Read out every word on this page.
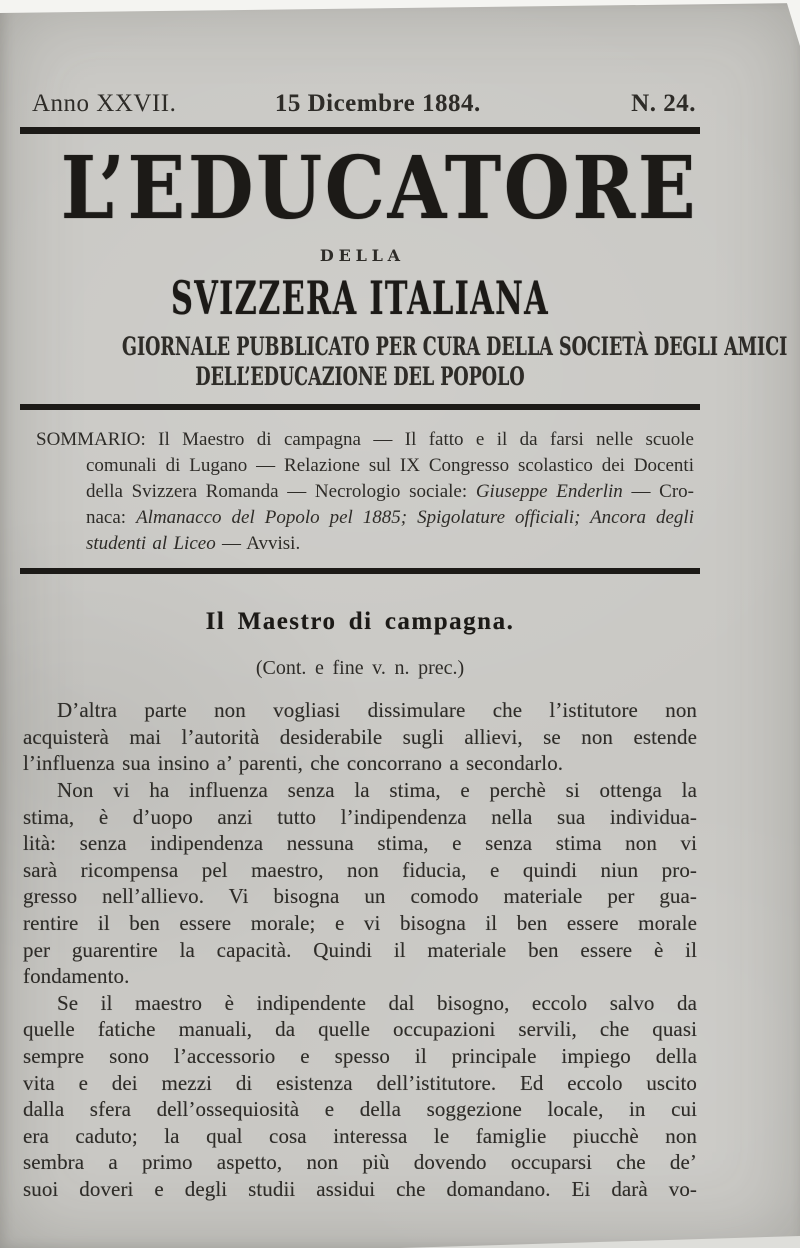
Anno XXVII.	15 Dicembre 1884.	N. 24.
L’EDUCATORE
DELLA
SVIZZERA ITALIANA
GIORNALE PUBBLICATO PER CURA DELLA SOCIETÀ DEGLI AMICI
DELL’EDUCAZIONE DEL POPOLO
SOMMARIO: Il Maestro di campagna — Il fatto e il da farsi nelle scuole
comunali di Lugano — Relazione sul IX Congresso scolastico dei Docenti
della Svizzera Romanda — Necrologio sociale: Giuseppe Enderlin — Cro-
naca: Almanacco del Popolo pel 1885; Spigolature officiali; Ancora degli
studenti al Liceo — Avvisi.
Il Maestro di campagna.
(Cont. e fine v. n. prec.)
D’altra parte non vogliasi dissimulare che l’istitutore non
acquisterà mai l’autorità desiderabile sugli allievi, se non estende
l’influenza sua insino a’ parenti, che concorrano a secondarlo.
Non vi ha influenza senza la stima, e perchè si ottenga la
stima, è d’uopo anzi tutto l’indipendenza nella sua individua-
lità: senza indipendenza nessuna stima, e senza stima non vi
sarà ricompensa pel maestro, non fiducia, e quindi niun pro-
gresso nell’allievo. Vi bisogna un comodo materiale per gua-
rentire il ben essere morale; e vi bisogna il ben essere morale
per guarentire la capacità. Quindi il materiale ben essere è il
fondamento.
Se il maestro è indipendente dal bisogno, eccolo salvo da
quelle fatiche manuali, da quelle occupazioni servili, che quasi
sempre sono l’accessorio e spesso il principale impiego della
vita e dei mezzi di esistenza dell’istitutore. Ed eccolo uscito
dalla sfera dell’ossequiosità e della soggezione locale, in cui
era caduto; la qual cosa interessa le famiglie piucchè non
sembra a primo aspetto, non più dovendo occuparsi che de’
suoi doveri e degli studii assidui che domandano. Ei darà vo-
